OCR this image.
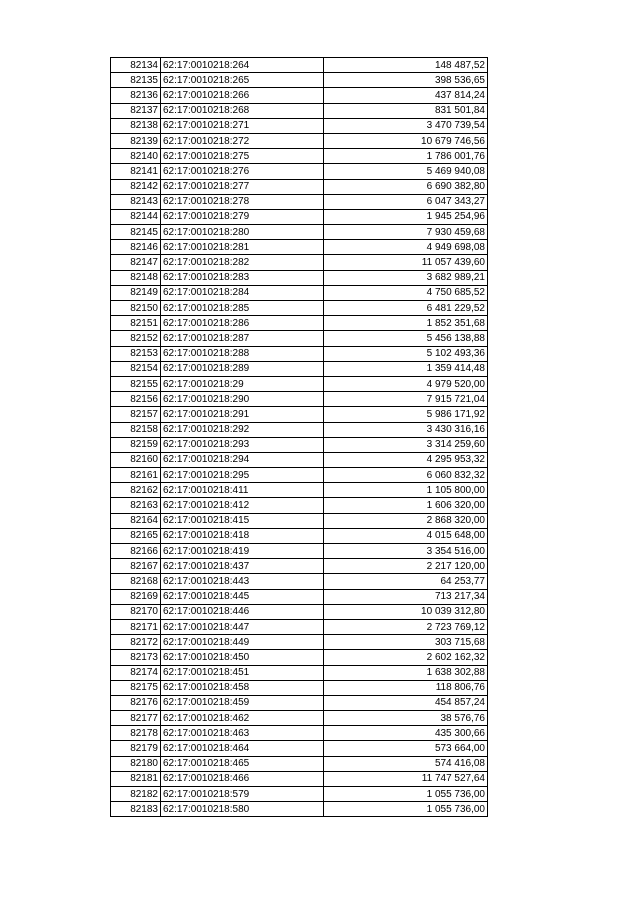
82134	62:17:0010218:264	148 487,52
82135	62:17:0010218:265	398 536,65
82136	62:17:0010218:266	437 814,24
82137	62:17:0010218:268	831 501,84
82138	62:17:0010218:271	3 470 739,54
82139	62:17:0010218:272	10 679 746,56
82140	62:17:0010218:275	1 786 001,76
82141	62:17:0010218:276	5 469 940,08
82142	62:17:0010218:277	6 690 382,80
82143	62:17:0010218:278	6 047 343,27
82144	62:17:0010218:279	1 945 254,96
82145	62:17:0010218:280	7 930 459,68
82146	62:17:0010218:281	4 949 698,08
82147	62:17:0010218:282	11 057 439,60
82148	62:17:0010218:283	3 682 989,21
82149	62:17:0010218:284	4 750 685,52
82150	62:17:0010218:285	6 481 229,52
82151	62:17:0010218:286	1 852 351,68
82152	62:17:0010218:287	5 456 138,88
82153	62:17:0010218:288	5 102 493,36
82154	62:17:0010218:289	1 359 414,48
82155	62:17:0010218:29	4 979 520,00
82156	62:17:0010218:290	7 915 721,04
82157	62:17:0010218:291	5 986 171,92
82158	62:17:0010218:292	3 430 316,16
82159	62:17:0010218:293	3 314 259,60
82160	62:17:0010218:294	4 295 953,32
82161	62:17:0010218:295	6 060 832,32
82162	62:17:0010218:411	1 105 800,00
82163	62:17:0010218:412	1 606 320,00
82164	62:17:0010218:415	2 868 320,00
82165	62:17:0010218:418	4 015 648,00
82166	62:17:0010218:419	3 354 516,00
82167	62:17:0010218:437	2 217 120,00
82168	62:17:0010218:443	64 253,77
82169	62:17:0010218:445	713 217,34
82170	62:17:0010218:446	10 039 312,80
82171	62:17:0010218:447	2 723 769,12
82172	62:17:0010218:449	303 715,68
82173	62:17:0010218:450	2 602 162,32
82174	62:17:0010218:451	1 638 302,88
82175	62:17:0010218:458	118 806,76
82176	62:17:0010218:459	454 857,24
82177	62:17:0010218:462	38 576,76
82178	62:17:0010218:463	435 300,66
82179	62:17:0010218:464	573 664,00
82180	62:17:0010218:465	574 416,08
82181	62:17:0010218:466	11 747 527,64
82182	62:17:0010218:579	1 055 736,00
82183	62:17:0010218:580	1 055 736,00
